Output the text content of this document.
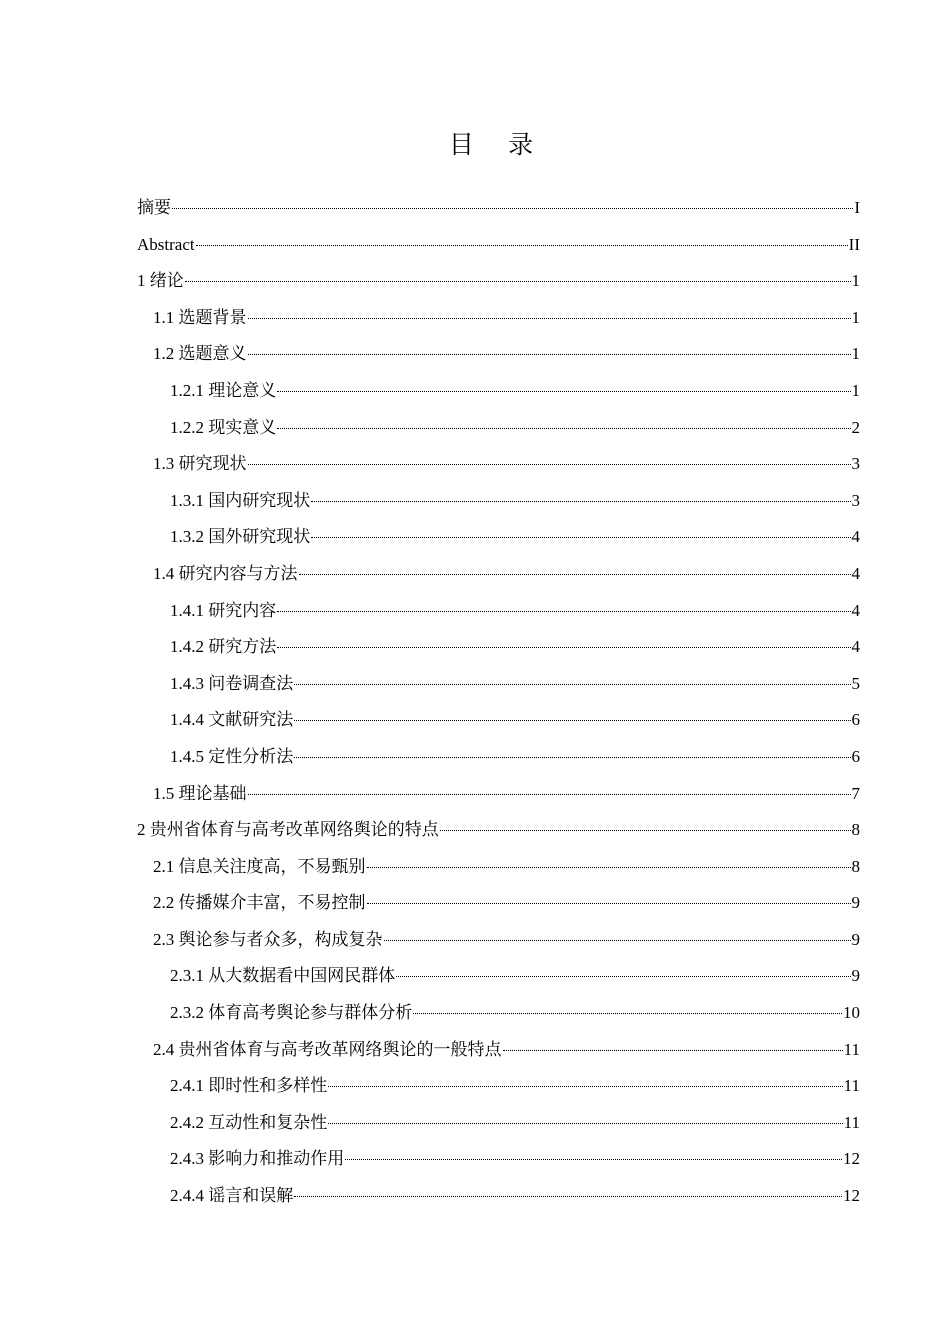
目 录
摘要	I
Abstract	II
1 绪论	1
1.1 选题背景	1
1.2 选题意义	1
1.2.1 理论意义	1
1.2.2 现实意义	2
1.3 研究现状	3
1.3.1 国内研究现状	3
1.3.2 国外研究现状	4
1.4 研究内容与方法	4
1.4.1 研究内容	4
1.4.2 研究方法	4
1.4.3 问卷调查法	5
1.4.4 文献研究法	6
1.4.5 定性分析法	6
1.5 理论基础	7
2 贵州省体育与高考改革网络舆论的特点	8
2.1 信息关注度高，不易甄别	8
2.2 传播媒介丰富，不易控制	9
2.3 舆论参与者众多，构成复杂	9
2.3.1 从大数据看中国网民群体	9
2.3.2 体育高考舆论参与群体分析	10
2.4 贵州省体育与高考改革网络舆论的一般特点	11
2.4.1 即时性和多样性	11
2.4.2 互动性和复杂性	11
2.4.3 影响力和推动作用	12
2.4.4 谣言和误解	12
